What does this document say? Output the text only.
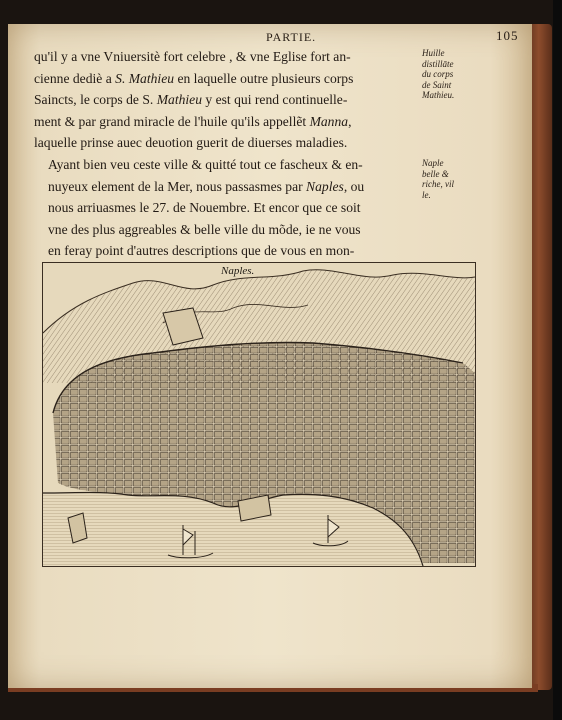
PARTIE.	105

qu'il y a vne Vniuersitè fort celebre , & vne Eglise fort an-
cienne dediè a S. Mathieu en laquelle outre plusieurs corps
Saincts, le corps de S. Mathieu y est qui rend continuelle-
ment & par grand miracle de l'huile qu'ils appellẽt Manna,
laquelle prinse auec deuotion guerit de diuerses maladies.

Ayant bien veu ceste ville & quitté tout ce fascheux & en-
nuyeux element de la Mer, nous passasmes par Naples, ou
nous arriuasmes le 27. de Nouembre. Et encor que ce soit
vne des plus aggreables & belle ville du mõde, ie ne vous
en feray point d'autres descriptions que de vous en mon-

Huille
distillāte
du corps
de Saint
Mathieu.
Naple
belle &
riche, vil
le.
Naples.
